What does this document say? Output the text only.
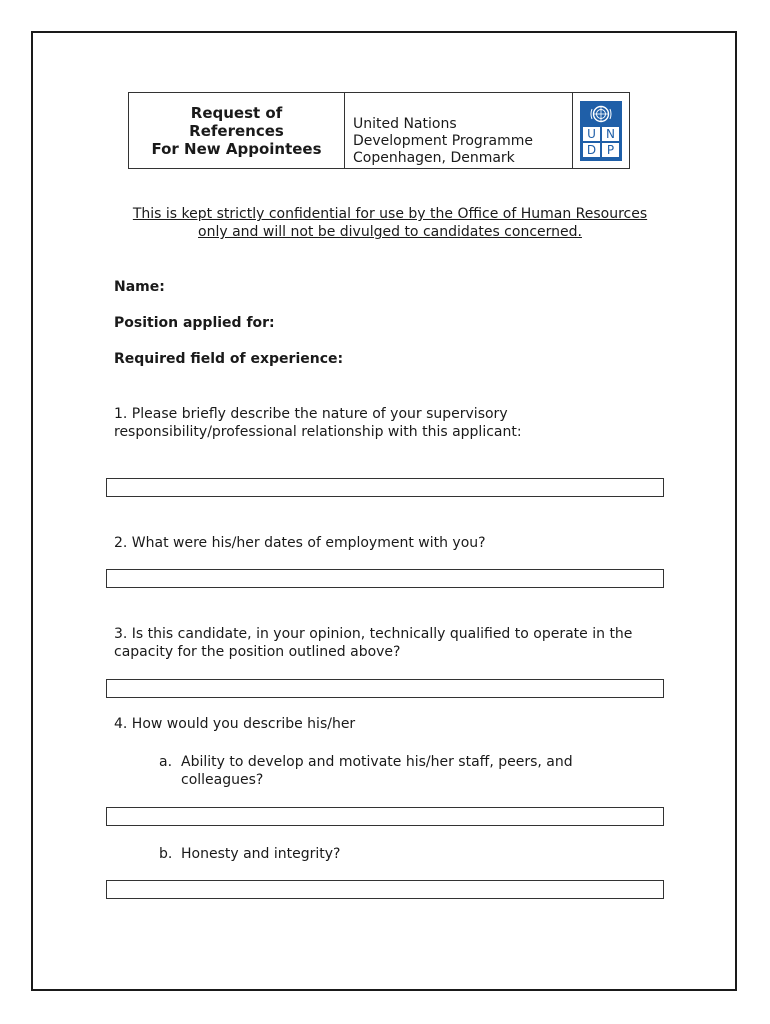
Request of
References
For New Appointees
United Nations
Development Programme
Copenhagen, Denmark
U N
D P
This is kept strictly confidential for use by the Office of Human Resources only and will not be divulged to candidates concerned.
Name:
Position applied for:
Required field of experience:
1. Please briefly describe the nature of your supervisory responsibility/professional relationship with this applicant:
2. What were his/her dates of employment with you?
3. Is this candidate, in your opinion, technically qualified to operate in the capacity for the position outlined above?
4. How would you describe his/her
a. Ability to develop and motivate his/her staff, peers, and colleagues?
b. Honesty and integrity?
